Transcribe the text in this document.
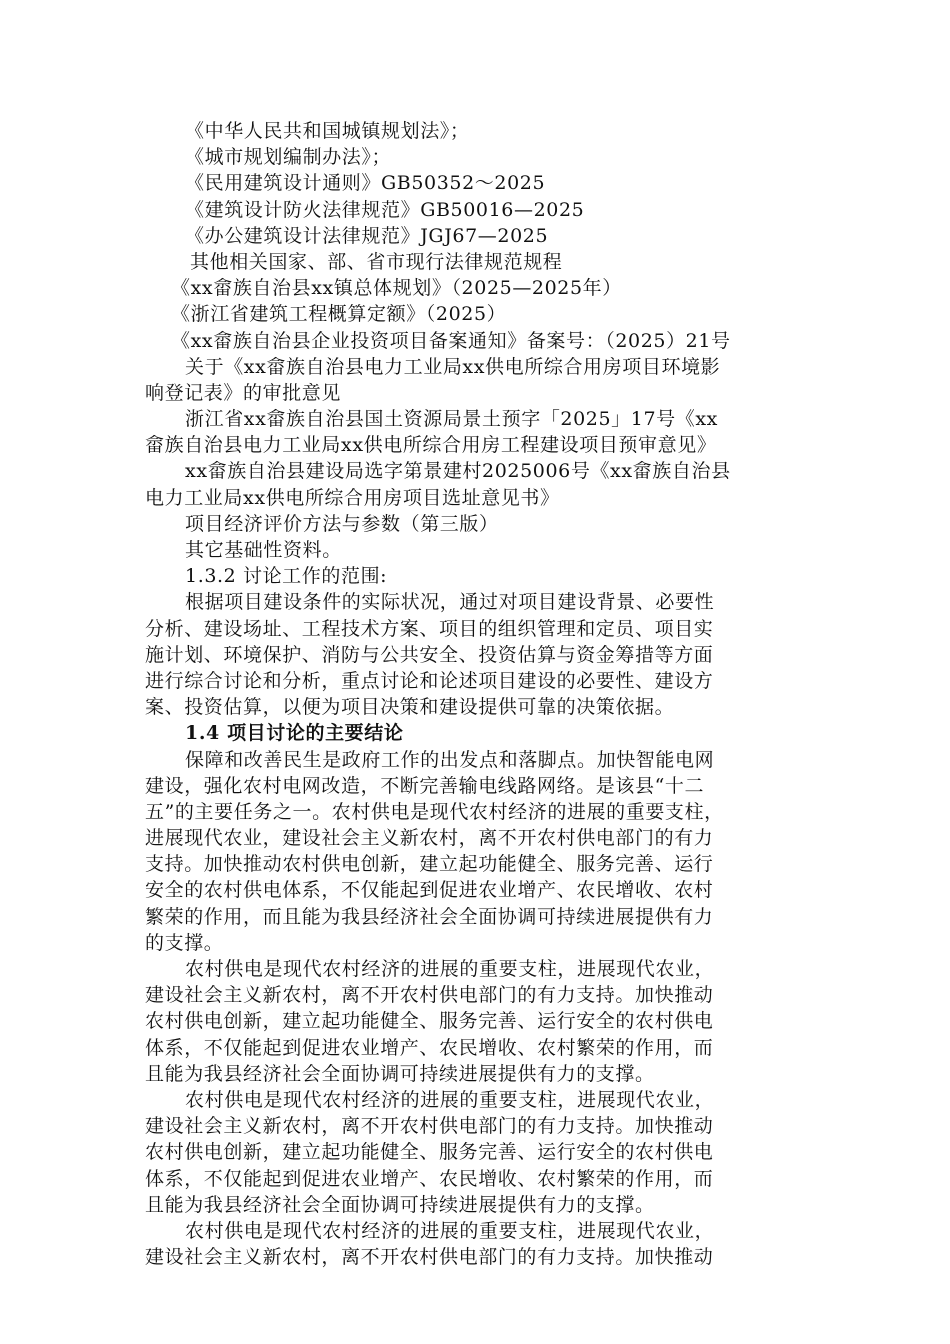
《中华人民共和国城镇规划法》；
《城市规划编制办法》；
《民用建筑设计通则》GB50352～2025
《建筑设计防火法律规范》GB50016—2025
《办公建筑设计法律规范》JGJ67—2025
其他相关国家、部、省市现行法律规范规程
《xx畲族自治县xx镇总体规划》（2025—2025年）
《浙江省建筑工程概算定额》（2025）
《xx畲族自治县企业投资项目备案通知》备案号：（2025）21号
关于《xx畲族自治县电力工业局xx供电所综合用房项目环境影
响登记表》的审批意见
浙江省xx畲族自治县国土资源局景土预字「2025」17号《xx
畲族自治县电力工业局xx供电所综合用房工程建设项目预审意见》
xx畲族自治县建设局选字第景建村2025006号《xx畲族自治县
电力工业局xx供电所综合用房项目选址意见书》
项目经济评价方法与参数（第三版）
其它基础性资料。
1.3.2 讨论工作的范围:
根据项目建设条件的实际状况，通过对项目建设背景、必要性
分析、建设场址、工程技术方案、项目的组织管理和定员、项目实
施计划、环境保护、消防与公共安全、投资估算与资金筹措等方面
进行综合讨论和分析，重点讨论和论述项目建设的必要性、建设方
案、投资估算，以便为项目决策和建设提供可靠的决策依据。
1.4 项目讨论的主要结论
保障和改善民生是政府工作的出发点和落脚点。加快智能电网
建设，强化农村电网改造，不断完善输电线路网络。是该县“十二
五”的主要任务之一。农村供电是现代农村经济的进展的重要支柱，
进展现代农业，建设社会主义新农村，离不开农村供电部门的有力
支持。加快推动农村供电创新，建立起功能健全、服务完善、运行
安全的农村供电体系，不仅能起到促进农业增产、农民增收、农村
繁荣的作用，而且能为我县经济社会全面协调可持续进展提供有力
的支撑。
农村供电是现代农村经济的进展的重要支柱，进展现代农业，
建设社会主义新农村，离不开农村供电部门的有力支持。加快推动
农村供电创新，建立起功能健全、服务完善、运行安全的农村供电
体系，不仅能起到促进农业增产、农民增收、农村繁荣的作用，而
且能为我县经济社会全面协调可持续进展提供有力的支撑。
农村供电是现代农村经济的进展的重要支柱，进展现代农业，
建设社会主义新农村，离不开农村供电部门的有力支持。加快推动
农村供电创新，建立起功能健全、服务完善、运行安全的农村供电
体系，不仅能起到促进农业增产、农民增收、农村繁荣的作用，而
且能为我县经济社会全面协调可持续进展提供有力的支撑。
农村供电是现代农村经济的进展的重要支柱，进展现代农业，
建设社会主义新农村，离不开农村供电部门的有力支持。加快推动
